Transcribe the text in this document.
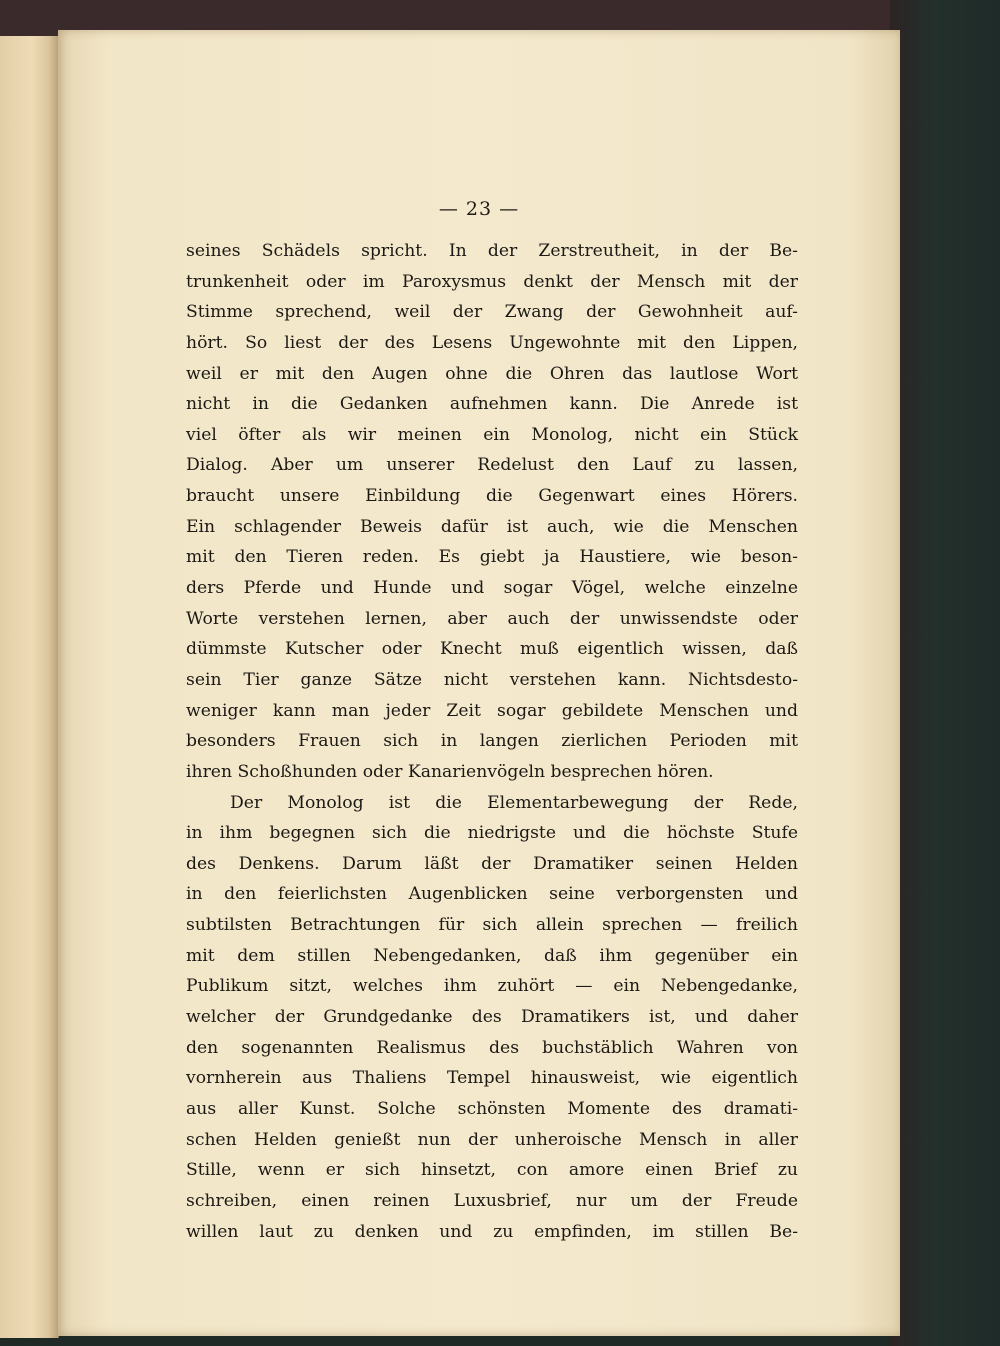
— 23 —
seines Schädels spricht. In der Zerstreutheit, in der Be-
trunkenheit oder im Paroxysmus denkt der Mensch mit der
Stimme sprechend, weil der Zwang der Gewohnheit auf-
hört. So liest der des Lesens Ungewohnte mit den Lippen,
weil er mit den Augen ohne die Ohren das lautlose Wort
nicht in die Gedanken aufnehmen kann. Die Anrede ist
viel öfter als wir meinen ein Monolog, nicht ein Stück
Dialog. Aber um unserer Redelust den Lauf zu lassen,
braucht unsere Einbildung die Gegenwart eines Hörers.
Ein schlagender Beweis dafür ist auch, wie die Menschen
mit den Tieren reden. Es giebt ja Haustiere, wie beson-
ders Pferde und Hunde und sogar Vögel, welche einzelne
Worte verstehen lernen, aber auch der unwissendste oder
dümmste Kutscher oder Knecht muß eigentlich wissen, daß
sein Tier ganze Sätze nicht verstehen kann. Nichtsdesto-
weniger kann man jeder Zeit sogar gebildete Menschen und
besonders Frauen sich in langen zierlichen Perioden mit
ihren Schoßhunden oder Kanarienvögeln besprechen hören.
Der Monolog ist die Elementarbewegung der Rede,
in ihm begegnen sich die niedrigste und die höchste Stufe
des Denkens. Darum läßt der Dramatiker seinen Helden
in den feierlichsten Augenblicken seine verborgensten und
subtilsten Betrachtungen für sich allein sprechen — freilich
mit dem stillen Nebengedanken, daß ihm gegenüber ein
Publikum sitzt, welches ihm zuhört — ein Nebengedanke,
welcher der Grundgedanke des Dramatikers ist, und daher
den sogenannten Realismus des buchstäblich Wahren von
vornherein aus Thaliens Tempel hinausweist, wie eigentlich
aus aller Kunst. Solche schönsten Momente des dramati-
schen Helden genießt nun der unheroische Mensch in aller
Stille, wenn er sich hinsetzt, con amore einen Brief zu
schreiben, einen reinen Luxusbrief, nur um der Freude
willen laut zu denken und zu empfinden, im stillen Be-
